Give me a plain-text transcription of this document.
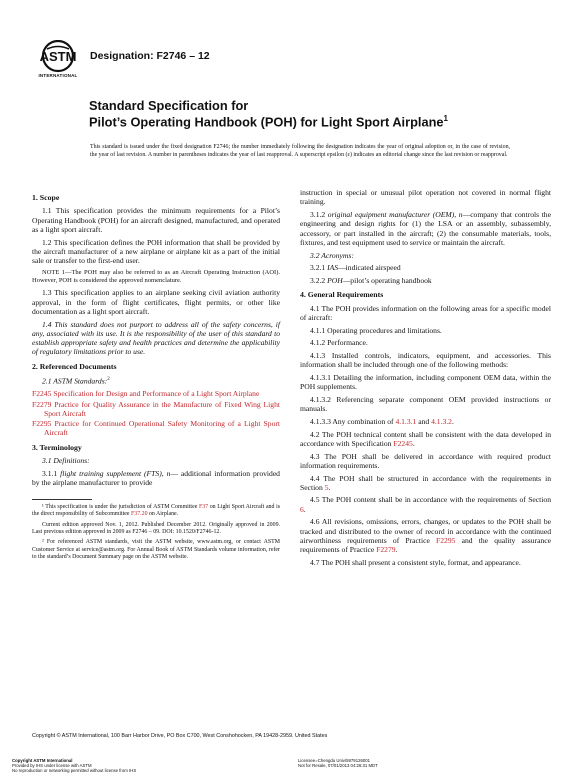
ASTM
INTERNATIONAL
Designation: F2746 – 12
Standard Specification for
Pilot’s Operating Handbook (POH) for Light Sport Airplane$^1$
This standard is issued under the fixed designation F2746; the number immediately following the designation indicates the year of original adoption or, in the case of revision, the year of last revision. A number in parentheses indicates the year of last reapproval. A superscript epsilon (ε) indicates an editorial change since the last revision or reapproval.
1. Scope

1.1 This specification provides the minimum requirements for a Pilot’s Operating Handbook (POH) for an aircraft designed, manufactured, and operated as a light sport aircraft.

1.2 This specification defines the POH information that shall be provided by the aircraft manufacturer of a new airplane or airplane kit as a part of the initial sale or transfer to the first-end user.

NOTE 1—The POH may also be referred to as an Aircraft Operating Instruction (AOI). However, POH is considered the approved nomenclature.

1.3 This specification applies to an airplane seeking civil aviation authority approval, in the form of flight certificates, flight permits, or other like documentation as a light sport aircraft.

1.4 This standard does not purport to address all of the safety concerns, if any, associated with its use. It is the responsibility of the user of this standard to establish appropriate safety and health practices and determine the applicability of regulatory limitations prior to use.

2. Referenced Documents

2.1 ASTM Standards:$^2$

F2245 Specification for Design and Performance of a Light Sport Airplane

F2279 Practice for Quality Assurance in the Manufacture of Fixed Wing Light Sport Aircraft

F2295 Practice for Continued Operational Safety Monitoring of a Light Sport Aircraft

3. Terminology

3.1 Definitions:

3.1.1 flight training supplement (FTS), n— additional information provided by the airplane manufacturer to provide

¹ This specification is under the jurisdiction of ASTM Committee F37 on Light Sport Aircraft and is the direct responsibility of Subcommittee F37.20 on Airplane.

Current edition approved Nov. 1, 2012. Published December 2012. Originally approved in 2009. Last previous edition approved in 2009 as F2746 – 09. DOI: 10.1520/F2746-12.

² For referenced ASTM standards, visit the ASTM website, www.astm.org, or contact ASTM Customer Service at service@astm.org. For Annual Book of ASTM Standards volume information, refer to the standard’s Document Summary page on the ASTM website.

instruction in special or unusual pilot operation not covered in normal flight training.

3.1.2 original equipment manufacturer (OEM), n—company that controls the engineering and design rights for (1) the LSA or an assembly, subassembly, accessory, or part installed in the aircraft; (2) the consumable materials, tools, fixtures, and test equipment used to service or maintain the aircraft.

3.2 Acronyms:

3.2.1 IAS—indicated airspeed

3.2.2 POH—pilot’s operating handbook

4. General Requirements

4.1 The POH provides information on the following areas for a specific model of aircraft:

4.1.1 Operating procedures and limitations.

4.1.2 Performance.

4.1.3 Installed controls, indicators, equipment, and accessories. This information shall be included through one of the following methods:

4.1.3.1 Detailing the information, including component OEM data, within the POH supplements.

4.1.3.2 Referencing separate component OEM provided instructions or manuals.

4.1.3.3 Any combination of 4.1.3.1 and 4.1.3.2.

4.2 The POH technical content shall be consistent with the data developed in accordance with Specification F2245.

4.3 The POH shall be delivered in accordance with required product information requirements.

4.4 The POH shall be structured in accordance with the requirements in Section 5.

4.5 The POH content shall be in accordance with the requirements of Section 6.

4.6 All revisions, omissions, errors, changes, or updates to the POH shall be tracked and distributed to the owner of record in accordance with the continued airworthiness requirements of Practice F2295 and the quality assurance requirements of Practice F2279.

4.7 The POH shall present a consistent style, format, and appearance.

Copyright © ASTM International, 100 Barr Harbor Drive, PO Box C700, West Conshohocken, PA 19428-2959. United States
Copyright ASTM International
Provided by IHS under license with ASTM
No reproduction or networking permitted without license from IHS
Licensee=Chengdu Univ/5979126001
Not for Resale, 07/01/2013 04:26:31 MDT
